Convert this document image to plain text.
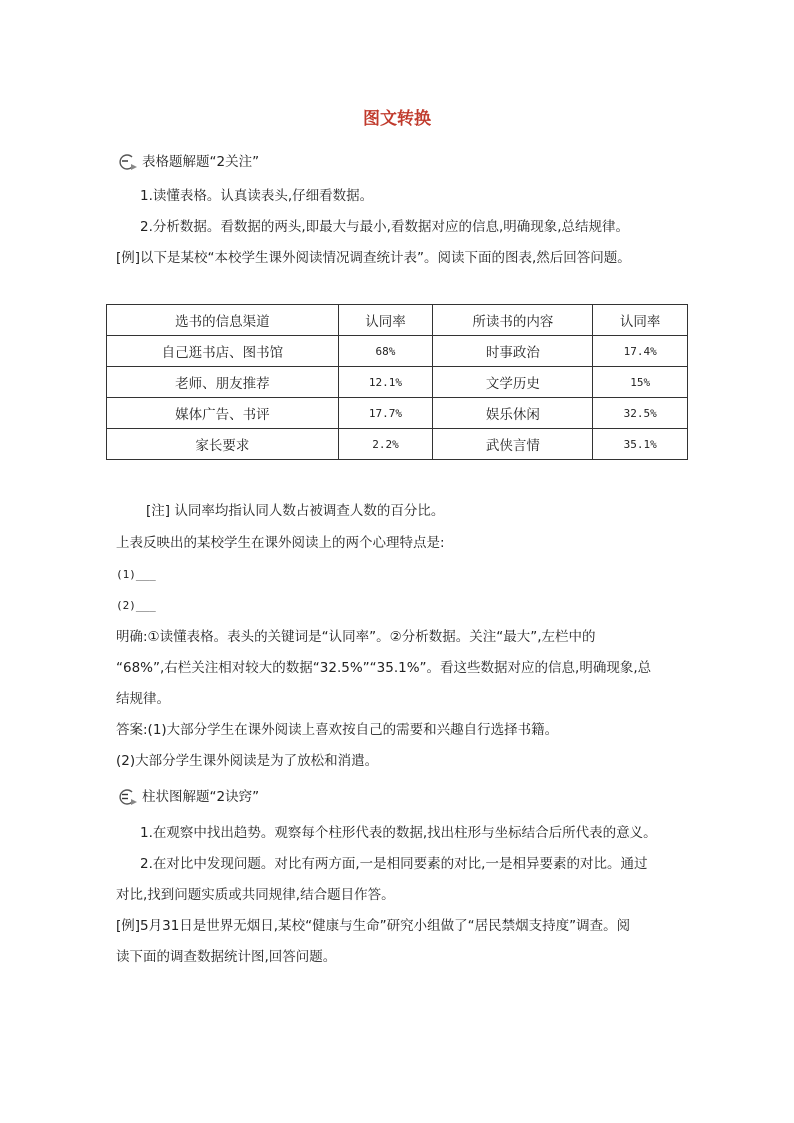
图文转换
表格题解题“2关注”
1.读懂表格。认真读表头,仔细看数据。
2.分析数据。看数据的两头,即最大与最小,看数据对应的信息,明确现象,总结规律。
[例]以下是某校“本校学生课外阅读情况调查统计表”。阅读下面的图表,然后回答问题。
选书的信息渠道	认同率	所读书的内容	认同率
自己逛书店、图书馆	68%	时事政治	17.4%
老师、朋友推荐	12.1%	文学历史	15%
媒体广告、书评	17.7%	娱乐休闲	32.5%
家长要求	2.2%	武侠言情	35.1%
[注] 认同率均指认同人数占被调查人数的百分比。
上表反映出的某校学生在课外阅读上的两个心理特点是:
(1)___
(2)___
明确:①读懂表格。表头的关键词是“认同率”。②分析数据。关注“最大”,左栏中的
“68%”,右栏关注相对较大的数据“32.5%”“35.1%”。看这些数据对应的信息,明确现象,总
结规律。
答案:(1)大部分学生在课外阅读上喜欢按自己的需要和兴趣自行选择书籍。
(2)大部分学生课外阅读是为了放松和消遣。
柱状图解题“2诀窍”
1.在观察中找出趋势。观察每个柱形代表的数据,找出柱形与坐标结合后所代表的意义。
2.在对比中发现问题。对比有两方面,一是相同要素的对比,一是相异要素的对比。通过
对比,找到问题实质或共同规律,结合题目作答。
[例]5月31日是世界无烟日,某校“健康与生命”研究小组做了“居民禁烟支持度”调查。阅
读下面的调查数据统计图,回答问题。
